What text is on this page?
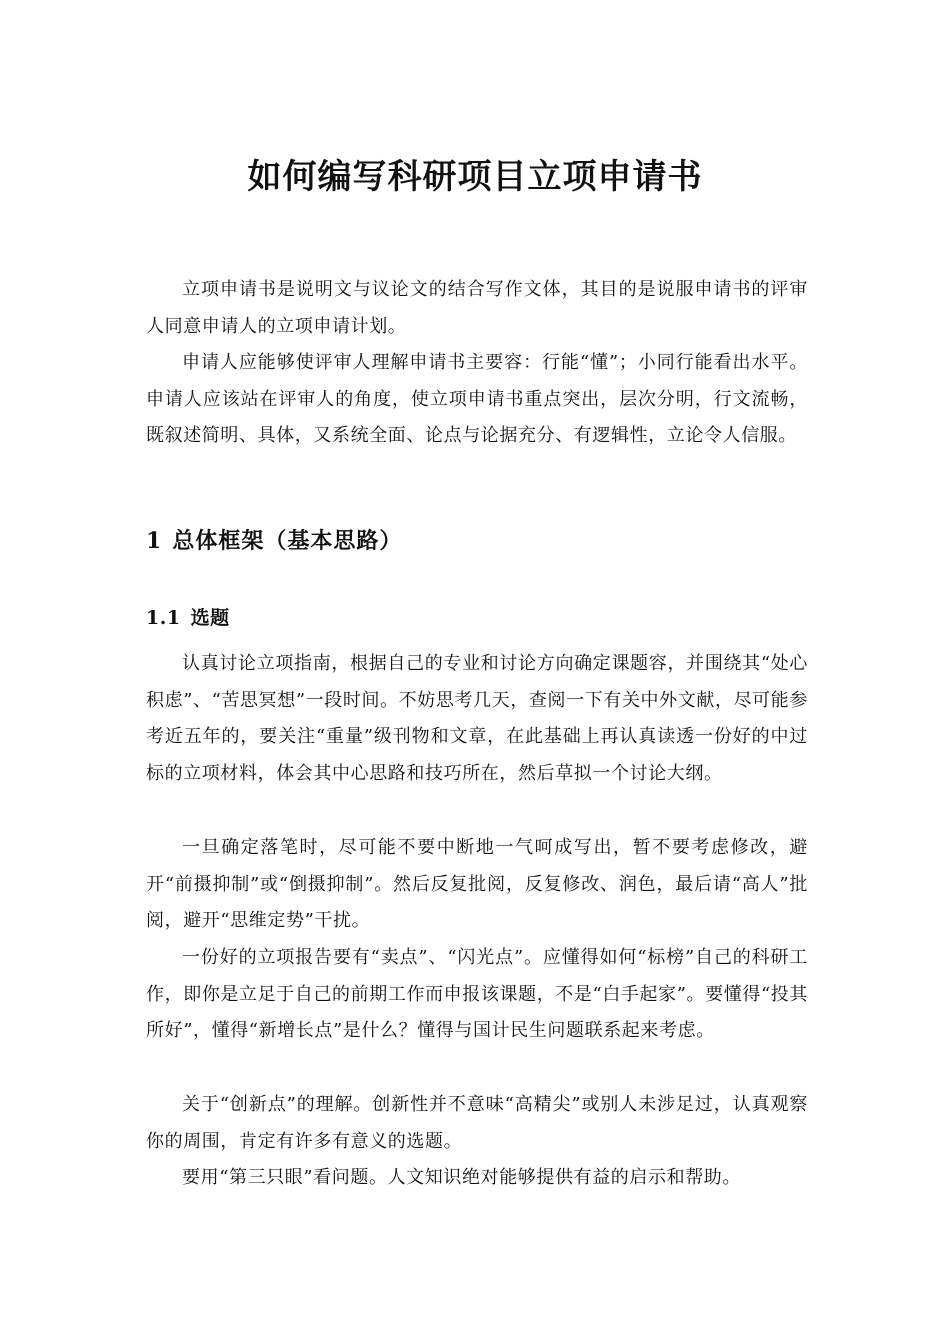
如何编写科研项目立项申请书

立项申请书是说明文与议论文的结合写作文体，其目的是说服申请书的评审人同意申请人的立项申请计划。

申请人应能够使评审人理解申请书主要容：行能“懂”；小同行能看出水平。申请人应该站在评审人的角度，使立项申请书重点突出，层次分明，行文流畅，既叙述简明、具体，又系统全面、论点与论据充分、有逻辑性，立论令人信服。

1 总体框架（基本思路）
1.1 选题

认真讨论立项指南，根据自己的专业和讨论方向确定课题容，并围绕其“处心积虑”、“苦思冥想”一段时间。不妨思考几天，查阅一下有关中外文献，尽可能参考近五年的，要关注“重量”级刊物和文章，在此基础上再认真读透一份好的中过标的立项材料，体会其中心思路和技巧所在，然后草拟一个讨论大纲。

一旦确定落笔时，尽可能不要中断地一气呵成写出，暂不要考虑修改，避开“前摄抑制”或“倒摄抑制”。然后反复批阅，反复修改、润色，最后请“高人”批阅，避开“思维定势”干扰。

一份好的立项报告要有“卖点”、“闪光点”。应懂得如何“标榜”自己的科研工作，即你是立足于自己的前期工作而申报该课题，不是“白手起家”。要懂得“投其所好”，懂得“新增长点”是什么？懂得与国计民生问题联系起来考虑。

关于“创新点”的理解。创新性并不意味“高精尖”或别人未涉足过，认真观察你的周围，肯定有许多有意义的选题。

要用“第三只眼”看问题。人文知识绝对能够提供有益的启示和帮助。
